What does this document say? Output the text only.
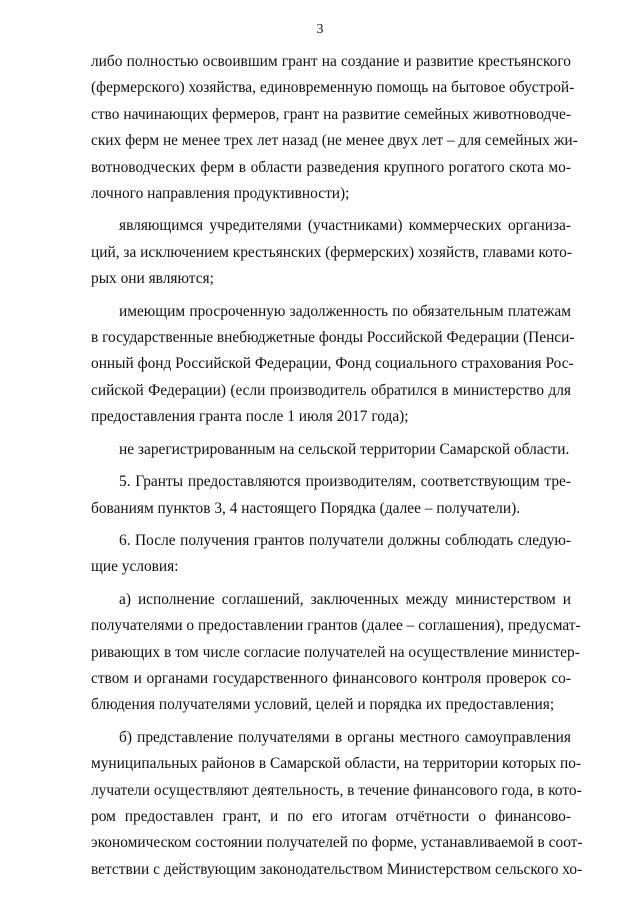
3

либо полностью освоившим грант на создание и развитие крестьянского
(фермерского) хозяйства, единовременную помощь на бытовое обустрой-
ство начинающих фермеров, грант на развитие семейных животноводче-
ских ферм не менее трех лет назад (не менее двух лет – для семейных жи-
вотноводческих ферм в области разведения крупного рогатого скота мо-
лочного направления продуктивности);

являющимся учредителями (участниками) коммерческих организа-
ций, за исключением крестьянских (фермерских) хозяйств, главами кото-
рых они являются;

имеющим просроченную задолженность по обязательным платежам
в государственные внебюджетные фонды Российской Федерации (Пенси-
онный фонд Российской Федерации, Фонд социального страхования Рос-
сийской Федерации) (если производитель обратился в министерство для
предоставления гранта после 1 июля 2017 года);

не зарегистрированным на сельской территории Самарской области.

5. Гранты предоставляются производителям, соответствующим тре-
бованиям пунктов 3, 4 настоящего Порядка (далее – получатели).

6. После получения грантов получатели должны соблюдать следую-
щие условия:

а) исполнение соглашений, заключенных между министерством и
получателями о предоставлении грантов (далее – соглашения), предусмат-
ривающих в том числе согласие получателей на осуществление министер-
ством и органами государственного финансового контроля проверок со-
блюдения получателями условий, целей и порядка их предоставления;

б) представление получателями в органы местного самоуправления
муниципальных районов в Самарской области, на территории которых по-
лучатели осуществляют деятельность, в течение финансового года, в кото-
ром предоставлен грант, и по его итогам отчётности о финансово-
экономическом состоянии получателей по форме, устанавливаемой в соот-
ветствии с действующим законодательством Министерством сельского хо-
